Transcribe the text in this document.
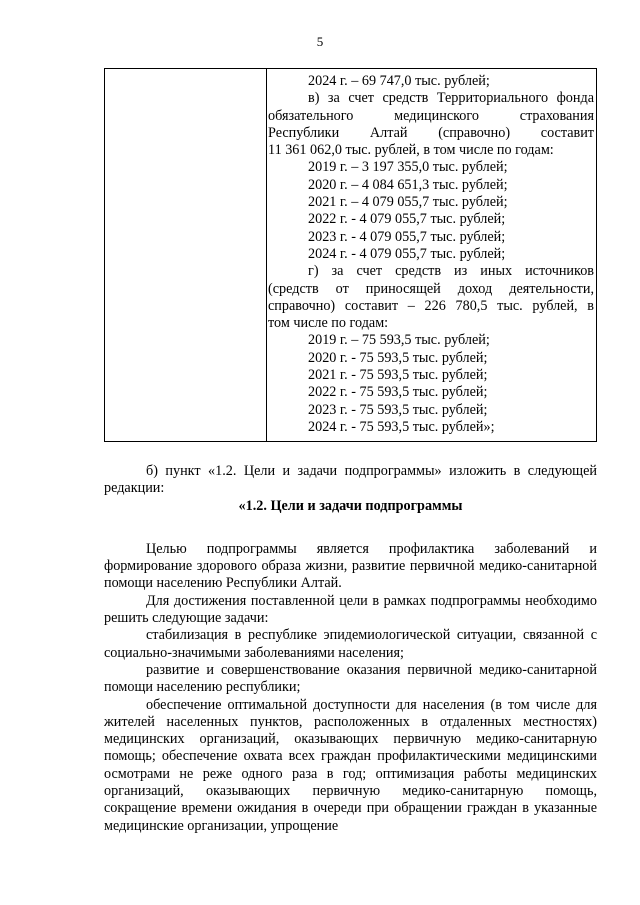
5
2024 г. – 69 747,0 тыс. рублей;
в) за счет средств Территориального фонда
обязательного медицинского страхования
Республики Алтай (справочно) составит
11 361 062,0 тыс. рублей, в том числе по годам:
2019 г. – 3 197 355,0 тыс. рублей;
2020 г. – 4 084 651,3 тыс. рублей;
2021 г. – 4 079 055,7 тыс. рублей;
2022 г. - 4 079 055,7 тыс. рублей;
2023 г. - 4 079 055,7 тыс. рублей;
2024 г. - 4 079 055,7 тыс. рублей;
г) за счет средств из иных источников
(средств от приносящей доход деятельности,
справочно) составит – 226 780,5 тыс. рублей, в
том числе по годам:
2019 г. – 75 593,5 тыс. рублей;
2020 г. - 75 593,5 тыс. рублей;
2021 г. - 75 593,5 тыс. рублей;
2022 г. - 75 593,5 тыс. рублей;
2023 г. - 75 593,5 тыс. рублей;
2024 г. - 75 593,5 тыс. рублей»;
б) пункт «1.2. Цели и задачи подпрограммы» изложить в следующей
редакции:
«1.2. Цели и задачи подпрограммы
Целью подпрограммы является профилактика заболеваний и формирование здорового образа жизни, развитие первичной медико-санитарной помощи населению Республики Алтай.
Для достижения поставленной цели в рамках подпрограммы необходимо решить следующие задачи:
стабилизация в республике эпидемиологической ситуации, связанной с социально-значимыми заболеваниями населения;
развитие и совершенствование оказания первичной медико-санитарной помощи населению республики;
обеспечение оптимальной доступности для населения (в том числе для жителей населенных пунктов, расположенных в отдаленных местностях) медицинских организаций, оказывающих первичную медико-санитарную помощь; обеспечение охвата всех граждан профилактическими медицинскими осмотрами не реже одного раза в год; оптимизация работы медицинских организаций, оказывающих первичную медико-санитарную помощь, сокращение времени ожидания в очереди при обращении граждан в указанные медицинские организации, упрощение
